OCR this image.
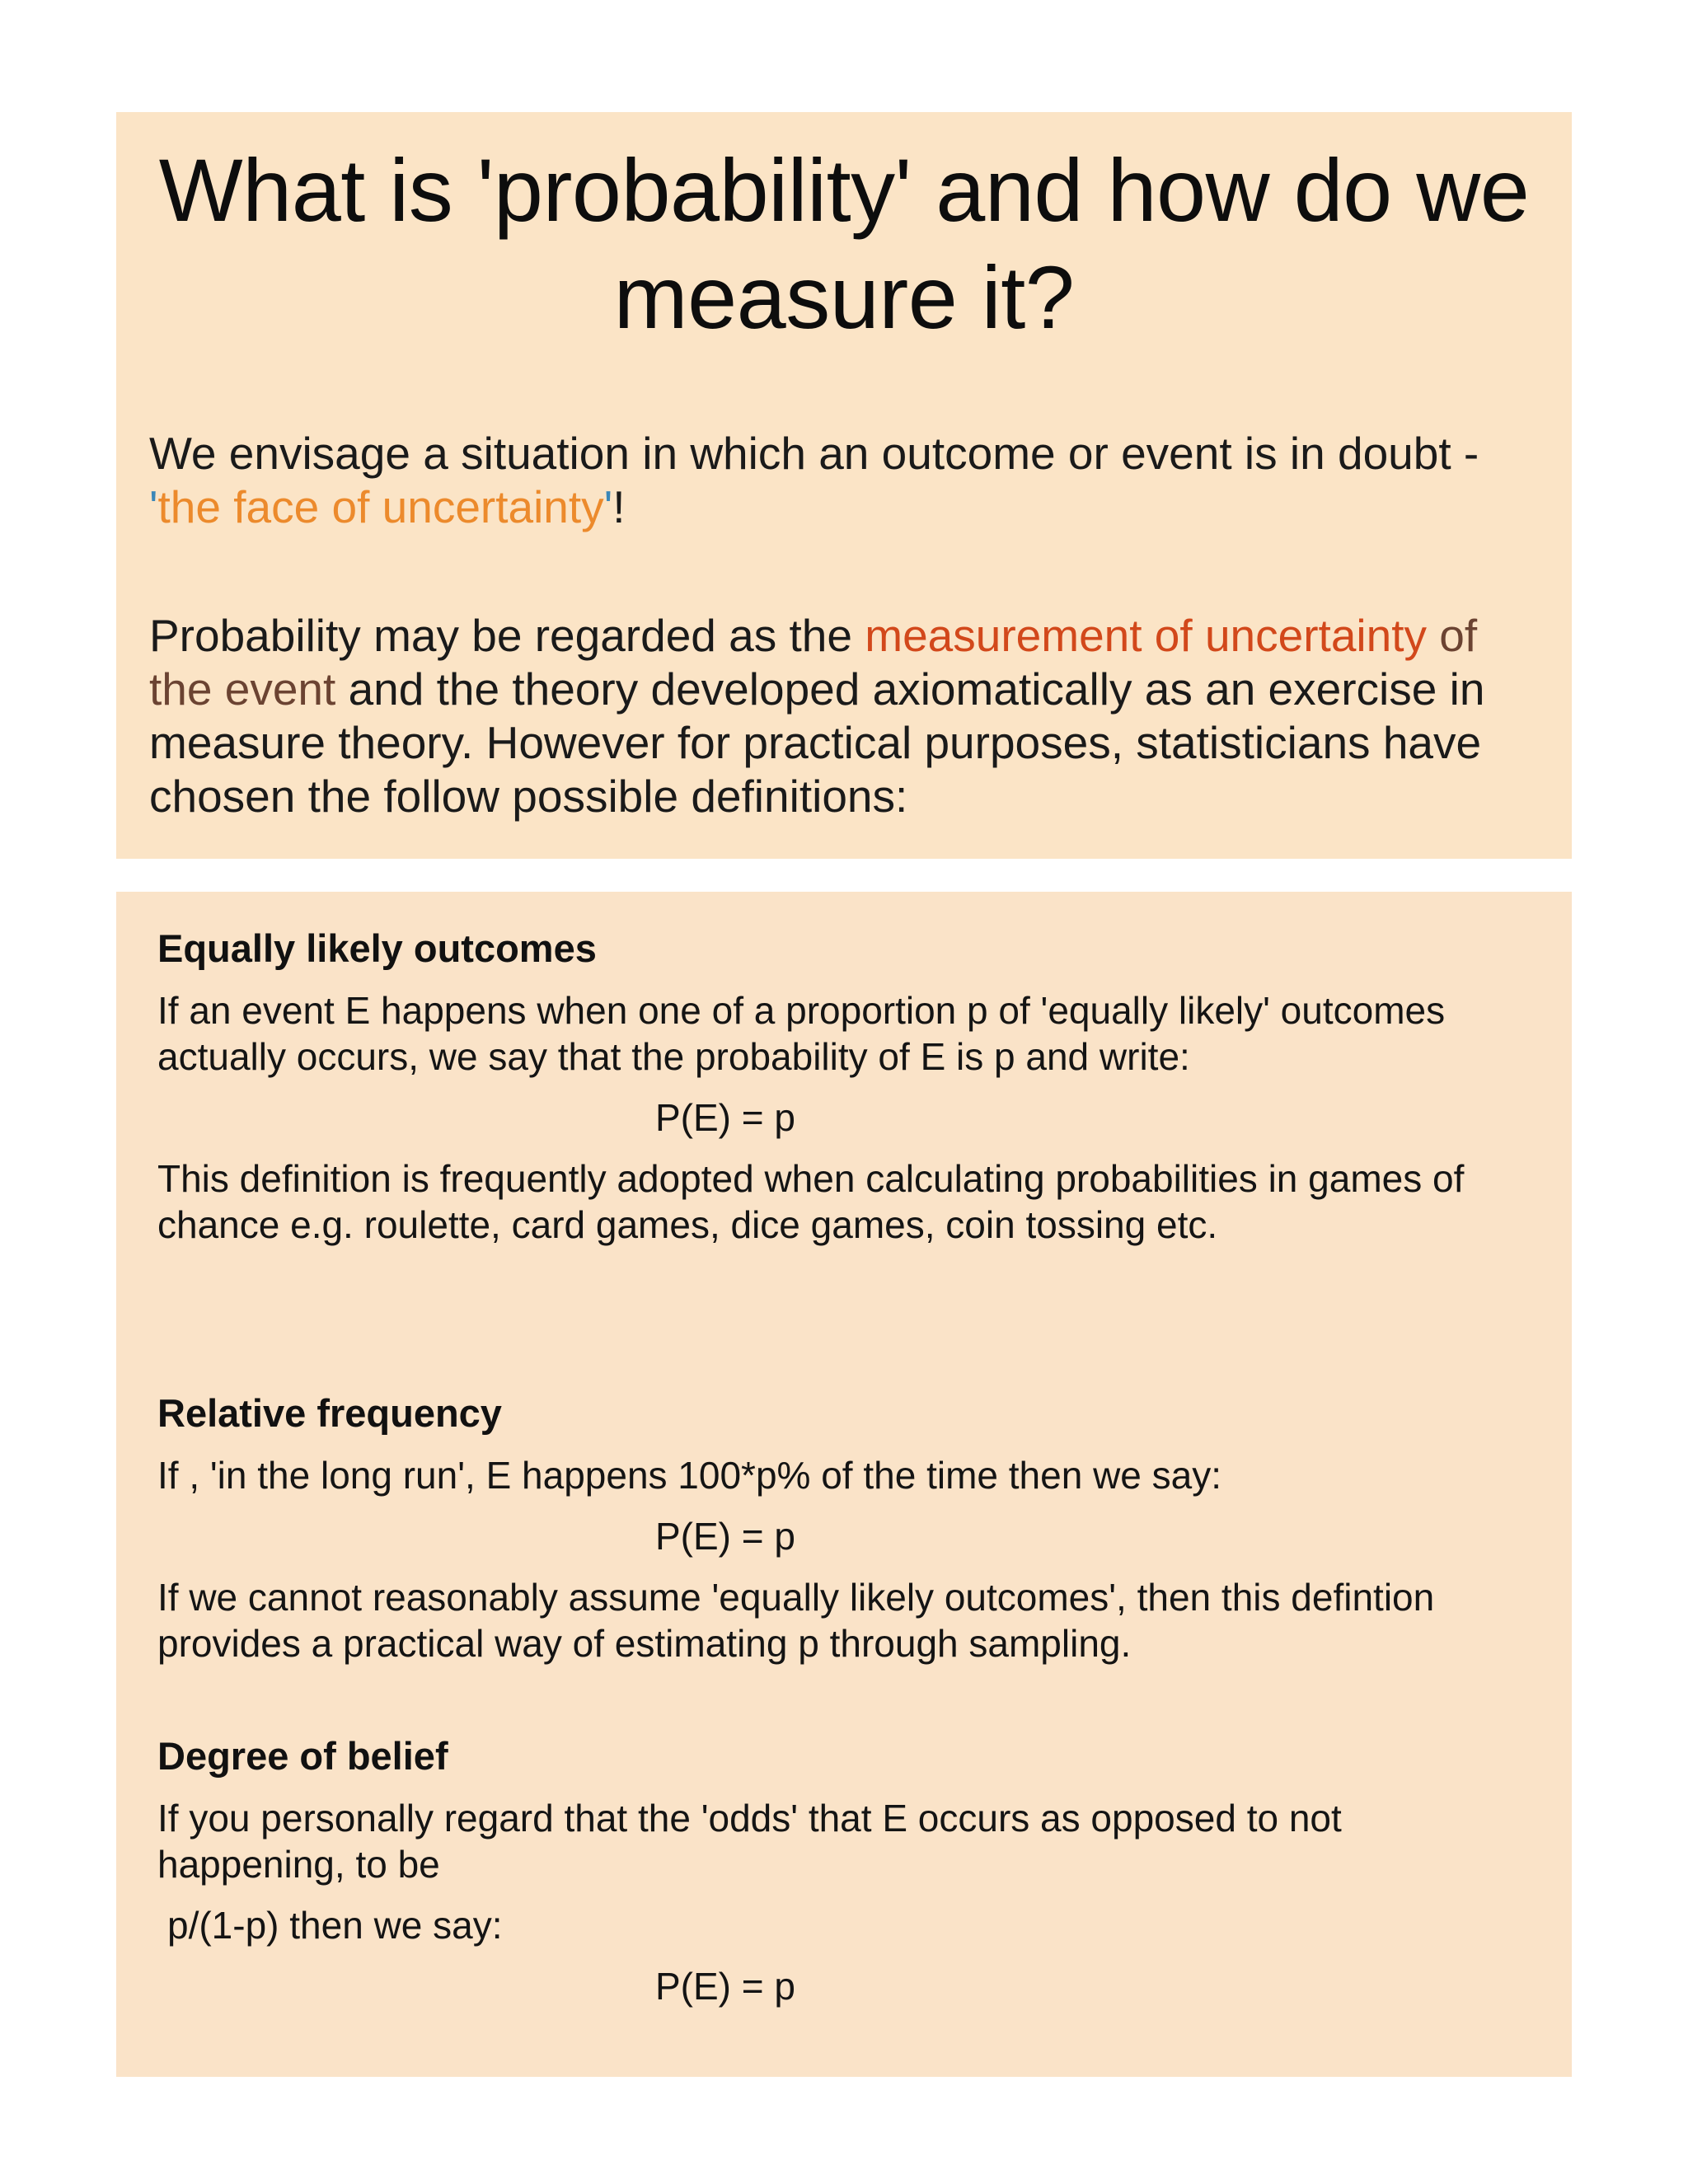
What is 'probability' and how do we measure it?

We envisage a situation in which an outcome or event is in doubt - 'the face of uncertainty'!

Probability may be regarded as the measurement of uncertainty of the event and the theory developed axiomatically as an exercise in measure theory. However for practical purposes, statisticians have chosen the follow possible definitions:

Equally likely outcomes

If an event E happens when one of a proportion p of 'equally likely' outcomes actually occurs, we say that the probability of E is p and write:

P(E) = p

This definition is frequently adopted when calculating probabilities in games of chance e.g. roulette, card games, dice games, coin tossing etc.

Relative frequency

If , 'in the long run', E happens 100*p% of the time then we say:

P(E) = p

If we cannot reasonably assume 'equally likely outcomes', then this defintion provides a practical way of estimating p through sampling.

Degree of belief

If you personally regard that the 'odds' that E occurs as opposed to not happening, to be

p/(1-p) then we say:

P(E) = p
